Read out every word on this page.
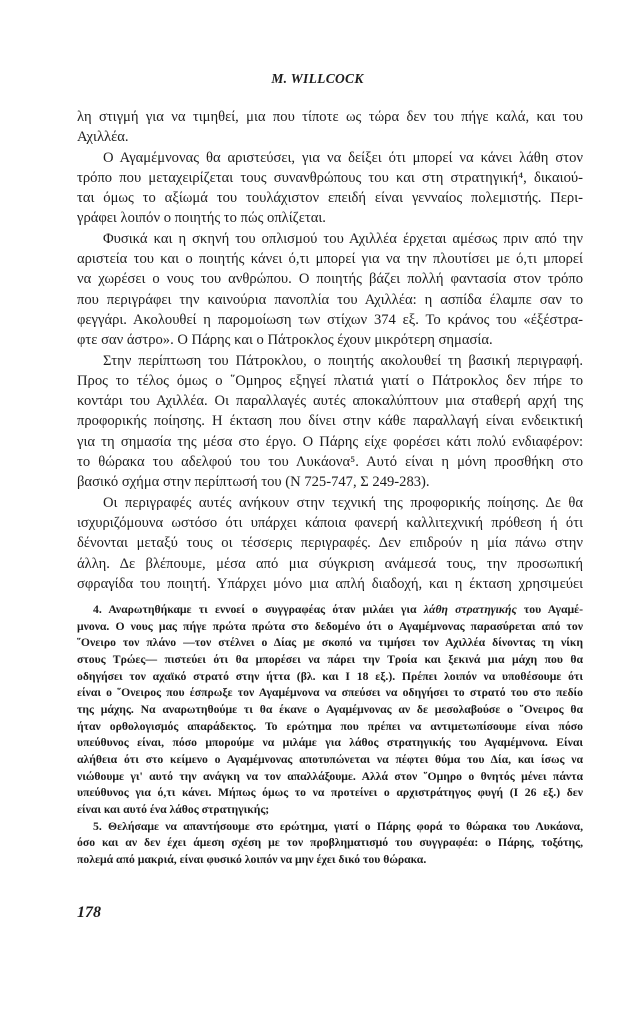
M. WILLCOCK
λη στιγμή για να τιμηθεί, μια που τίποτε ως τώρα δεν του πήγε καλά, και του
Αχιλλέα.
Ο Αγαμέμνονας θα αριστεύσει, για να δείξει ότι μπορεί να κάνει λάθη στον
τρόπο που μεταχειρίζεται τους συνανθρώπους του και στη στρατηγική⁴, δικαιού-
ται όμως το αξίωμά του τουλάχιστον επειδή είναι γενναίος πολεμιστής. Περι-
γράφει λοιπόν ο ποιητής το πώς οπλίζεται.
Φυσικά και η σκηνή του οπλισμού του Αχιλλέα έρχεται αμέσως πριν από την
αριστεία του και ο ποιητής κάνει ό,τι μπορεί για να την πλουτίσει με ό,τι μπορεί
να χωρέσει ο νους του ανθρώπου. Ο ποιητής βάζει πολλή φαντασία στον τρόπο
που περιγράφει την καινούρια πανοπλία του Αχιλλέα: η ασπίδα έλαμπε σαν το
φεγγάρι. Ακολουθεί η παρομοίωση των στίχων 374 εξ. Το κράνος του «έξέστρα-
φτε σαν άστρο». Ο Πάρης και ο Πάτροκλος έχουν μικρότερη σημασία.
Στην περίπτωση του Πάτροκλου, ο ποιητής ακολουθεί τη βασική περιγραφή.
Προς το τέλος όμως ο ῞Ομηρος εξηγεί πλατιά γιατί ο Πάτροκλος δεν πήρε το
κοντάρι του Αχιλλέα. Οι παραλλαγές αυτές αποκαλύπτουν μια σταθερή αρχή της
προφορικής ποίησης. Η έκταση που δίνει στην κάθε παραλλαγή είναι ενδεικτική
για τη σημασία της μέσα στο έργο. Ο Πάρης είχε φορέσει κάτι πολύ ενδιαφέρον:
το θώρακα του αδελφού του του Λυκάονα⁵. Αυτό είναι η μόνη προσθήκη στο
βασικό σχήμα στην περίπτωσή του (Ν 725-747, Σ 249-283).
Οι περιγραφές αυτές ανήκουν στην τεχνική της προφορικής ποίησης. Δε θα
ισχυριζόμουνα ωστόσο ότι υπάρχει κάποια φανερή καλλιτεχνική πρόθεση ή ότι
δένονται μεταξύ τους οι τέσσερις περιγραφές. Δεν επιδρούν η μία πάνω στην
άλλη. Δε βλέπουμε, μέσα από μια σύγκριση ανάμεσά τους, την προσωπική
σφραγίδα του ποιητή. Υπάρχει μόνο μια απλή διαδοχή, και η έκταση χρησιμεύει
4. Αναρωτηθήκαμε τι εννοεί ο συγγραφέας όταν μιλάει για λάθη στρατηγικής του Αγαμέ-
μνονα. Ο νους μας πήγε πρώτα πρώτα στο δεδομένο ότι ο Αγαμέμνονας παρασύρεται από τον
῞Ονειρο τον πλάνο —τον στέλνει ο Δίας με σκοπό να τιμήσει τον Αχιλλέα δίνοντας τη νίκη
στους Τρώες— πιστεύει ότι θα μπορέσει να πάρει την Τροία και ξεκινά μια μάχη που θα
οδηγήσει τον αχαϊκό στρατό στην ήττα (βλ. και Ι 18 εξ.). Πρέπει λοιπόν να υποθέσουμε ότι
είναι ο ῞Ονειρος που έσπρωξε τον Αγαμέμνονα να σπεύσει να οδηγήσει το στρατό του στο πεδίο
της μάχης. Να αναρωτηθούμε τι θα έκανε ο Αγαμέμνονας αν δε μεσολαβούσε ο ῞Ονειρος θα
ήταν ορθολογισμός απαράδεκτος. Το ερώτημα που πρέπει να αντιμετωπίσουμε είναι πόσο
υπεύθυνος είναι, πόσο μπορούμε να μιλάμε για λάθος στρατηγικής του Αγαμέμνονα. Είναι
αλήθεια ότι στο κείμενο ο Αγαμέμνονας αποτυπώνεται να πέφτει θύμα του Δία, και ίσως να
νιώθουμε γι' αυτό την ανάγκη να τον απαλλάξουμε. Αλλά στον ῞Ομηρο ο θνητός μένει πάντα
υπεύθυνος για ό,τι κάνει. Μήπως όμως το να προτείνει ο αρχιστράτηγος φυγή (Ι 26 εξ.) δεν
είναι και αυτό ένα λάθος στρατηγικής;
5. Θελήσαμε να απαντήσουμε στο ερώτημα, γιατί ο Πάρης φορά το θώρακα του Λυκάονα,
όσο και αν δεν έχει άμεση σχέση με τον προβληματισμό του συγγραφέα: ο Πάρης, τοξότης,
πολεμά από μακριά, είναι φυσικό λοιπόν να μην έχει δικό του θώρακα.
178
